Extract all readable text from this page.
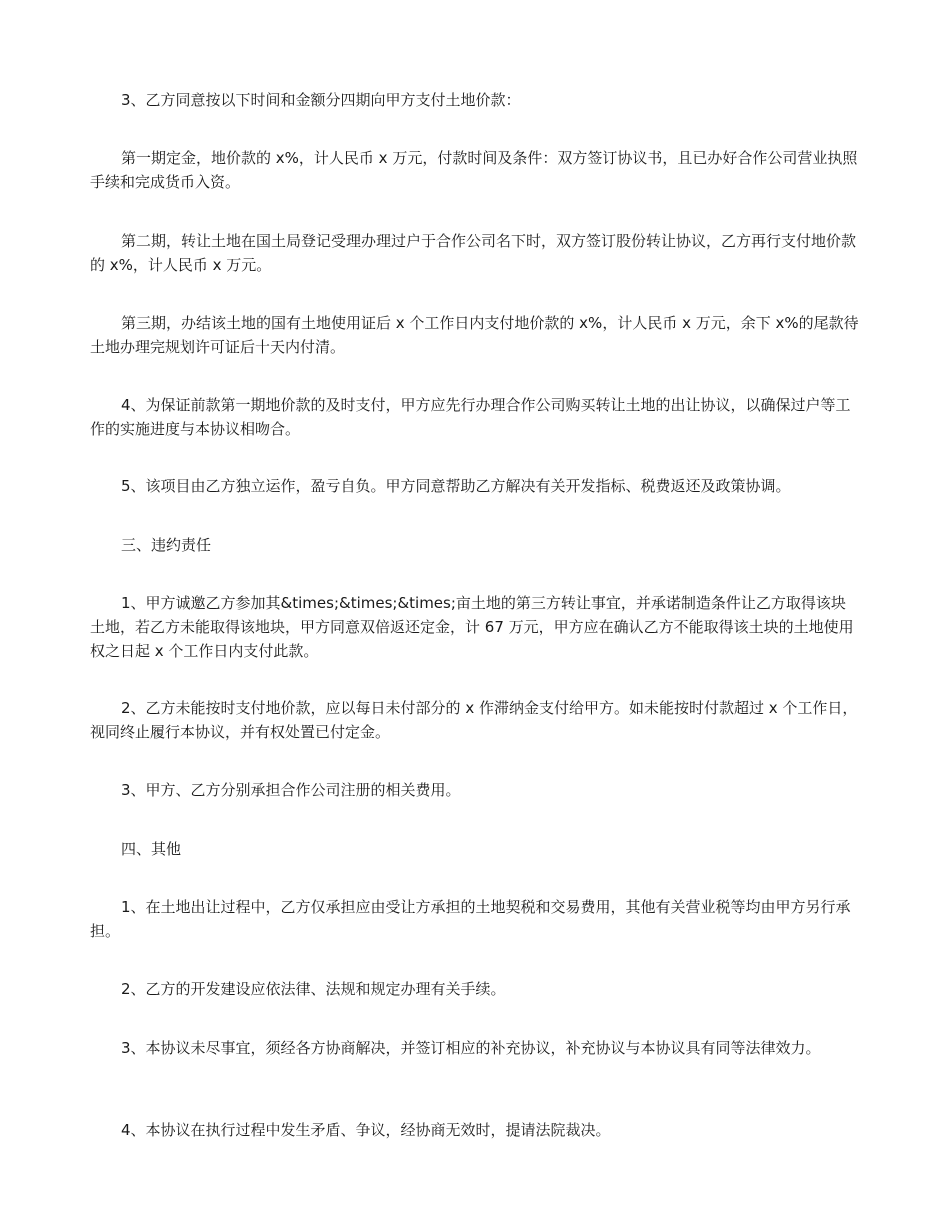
3、乙方同意按以下时间和金额分四期向甲方支付土地价款：

第一期定金，地价款的 x%，计人民币 x 万元，付款时间及条件：双方签订协议书，且已办好合作公司营业执照手续和完成货币入资。

第二期，转让土地在国土局登记受理办理过户于合作公司名下时，双方签订股份转让协议，乙方再行支付地价款的 x%，计人民币 x 万元。

第三期，办结该土地的国有土地使用证后 x 个工作日内支付地价款的 x%，计人民币 x 万元，余下 x%的尾款待土地办理完规划许可证后十天内付清。

4、为保证前款第一期地价款的及时支付，甲方应先行办理合作公司购买转让土地的出让协议，以确保过户等工作的实施进度与本协议相吻合。

5、该项目由乙方独立运作，盈亏自负。甲方同意帮助乙方解决有关开发指标、税费返还及政策协调。

三、违约责任

1、甲方诚邀乙方参加其&times;&times;&times;亩土地的第三方转让事宜，并承诺制造条件让乙方取得该块土地，若乙方未能取得该地块，甲方同意双倍返还定金，计 67 万元，甲方应在确认乙方不能取得该土块的土地使用权之日起 x 个工作日内支付此款。

2、乙方未能按时支付地价款，应以每日未付部分的 x 作滞纳金支付给甲方。如未能按时付款超过 x 个工作日，视同终止履行本协议，并有权处置已付定金。

3、甲方、乙方分别承担合作公司注册的相关费用。

四、其他

1、在土地出让过程中，乙方仅承担应由受让方承担的土地契税和交易费用，其他有关营业税等均由甲方另行承担。

2、乙方的开发建设应依法律、法规和规定办理有关手续。

3、本协议未尽事宜，须经各方协商解决，并签订相应的补充协议，补充协议与本协议具有同等法律效力。

4、本协议在执行过程中发生矛盾、争议，经协商无效时，提请法院裁决。
